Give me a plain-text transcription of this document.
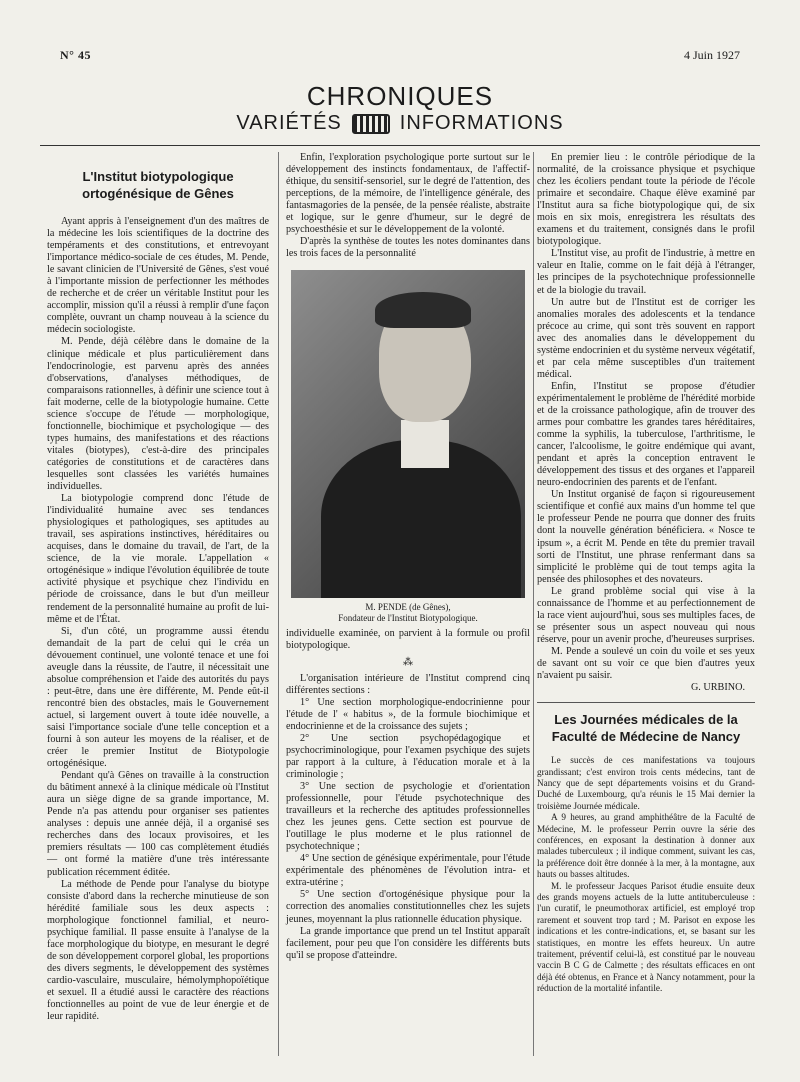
N° 45	4 Juin 1927
CHRONIQUES
VARIÉTÉS	INFORMATIONS
L'Institut biotypologique ortogénésique de Gênes

Ayant appris à l'enseignement d'un des maîtres de la médecine les lois scientifiques de la doctrine des tempéraments et des constitutions, et entrevoyant l'importance médico-sociale de ces études, M. Pende, le savant clinicien de l'Université de Gênes, s'est voué à l'importante mission de perfectionner les méthodes de recherche et de créer un véritable Institut pour les accomplir, mission qu'il a réussi à remplir d'une façon complète, ouvrant un champ nouveau à la science du médecin sociologiste.

M. Pende, déjà célèbre dans le domaine de la clinique médicale et plus particulièrement dans l'endocrinologie, est parvenu après des années d'observations, d'analyses méthodiques, de comparaisons rationnelles, à définir une science tout à fait moderne, celle de la biotypologie humaine. Cette science s'occupe de l'étude — morphologique, fonctionnelle, biochimique et psychologique — des types humains, des manifestations et des réactions vitales (biotypes), c'est-à-dire des principales catégories de constitutions et de caractères dans lesquelles sont classées les variétés humaines individuelles.

La biotypologie comprend donc l'étude de l'individualité humaine avec ses tendances physiologiques et pathologiques, ses aptitudes au travail, ses aspirations instinctives, héréditaires ou acquises, dans le domaine du travail, de l'art, de la science, de la vie morale. L'appellation « ortogénésique » indique l'évolution équilibrée de toute activité physique et psychique chez l'individu en période de croissance, dans le but d'un meilleur rendement de la personnalité humaine au profit de lui-même et de l'État.

Si, d'un côté, un programme aussi étendu demandait de la part de celui qui le créa un dévouement continuel, une volonté tenace et une foi aveugle dans la réussite, de l'autre, il nécessitait une absolue compréhension et l'aide des autorités du pays : peut-être, dans une ère différente, M. Pende eût-il rencontré bien des obstacles, mais le Gouvernement actuel, si largement ouvert à toute idée nouvelle, a saisi l'importance sociale d'une telle conception et a fourni à son auteur les moyens de la réaliser, et de créer le premier Institut de Biotypologie ortogénésique.

Pendant qu'à Gênes on travaille à la construction du bâtiment annexé à la clinique médicale où l'Institut aura un siège digne de sa grande importance, M. Pende n'a pas attendu pour organiser ses patientes analyses : depuis une année déjà, il a organisé ses recherches dans des locaux provisoires, et les premiers résultats — 100 cas complètement étudiés — ont formé la matière d'une très intéressante publication récemment éditée.

La méthode de Pende pour l'analyse du biotype consiste d'abord dans la recherche minutieuse de son hérédité familiale sous les deux aspects : morphologique fonctionnel familial, et neuro-psychique familial. Il passe ensuite à l'analyse de la face morphologique du biotype, en mesurant le degré de son développement corporel global, les proportions des divers segments, le développement des systèmes cardio-vasculaire, musculaire, hémolymphopoïétique et sexuel. Il a étudié aussi le caractère des réactions fonctionnelles au point de vue de leur énergie et de leur rapidité.

Enfin, l'exploration psychologique porte surtout sur le développement des instincts fondamentaux, de l'affectif-éthique, du sensitif-sensoriel, sur le degré de l'attention, des perceptions, de la mémoire, de l'intelligence générale, des fantasmagories de la pensée, de la pensée réaliste, abstraite et logique, sur le genre d'humeur, sur le degré de psychoesthésie et sur le développement de la volonté.

D'après la synthèse de toutes les notes dominantes dans les trois faces de la personnalité

M. PENDE (de Gênes),
Fondateur de l'Institut Biotypologique.

individuelle examinée, on parvient à la formule ou profil biotypologique.

⁂

L'organisation intérieure de l'Institut comprend cinq différentes sections :

1° Une section morphologique-endocrinienne pour l'étude de l' « habitus », de la formule biochimique et endocrinienne et de la croissance des sujets ;

2° Une section psychopédagogique et psychocriminologique, pour l'examen psychique des sujets par rapport à la culture, à l'éducation morale et à la criminologie ;

3° Une section de psychologie et d'orientation professionnelle, pour l'étude psychotechnique des travailleurs et la recherche des aptitudes professionnelles chez les jeunes gens. Cette section est pourvue de l'outillage le plus moderne et le plus rationnel de psychotechnique ;

4° Une section de génésique expérimentale, pour l'étude expérimentale des phénomènes de l'évolution intra- et extra-utérine ;

5° Une section d'ortogénésique physique pour la correction des anomalies constitutionnelles chez les sujets jeunes, moyennant la plus rationnelle éducation physique.

La grande importance que prend un tel Institut apparaît facilement, pour peu que l'on considère les différents buts qu'il se propose d'atteindre.

En premier lieu : le contrôle périodique de la normalité, de la croissance physique et psychique chez les écoliers pendant toute la période de l'école primaire et secondaire. Chaque élève examiné par l'Institut aura sa fiche biotypologique qui, de six mois en six mois, enregistrera les résultats des examens et du traitement, consignés dans le profil biotypologique.

L'Institut vise, au profit de l'industrie, à mettre en valeur en Italie, comme on le fait déjà à l'étranger, les principes de la psychotechnique professionnelle et de la biologie du travail.

Un autre but de l'Institut est de corriger les anomalies morales des adolescents et la tendance précoce au crime, qui sont très souvent en rapport avec des anomalies dans le développement du système endocrinien et du système nerveux végétatif, et par cela même susceptibles d'un traitement médical.

Enfin, l'Institut se propose d'étudier expérimentalement le problème de l'hérédité morbide et de la croissance pathologique, afin de trouver des armes pour combattre les grandes tares héréditaires, comme la syphilis, la tuberculose, l'arthritisme, le cancer, l'alcoolisme, le goitre endémique qui avant, pendant et après la conception entravent le développement des tissus et des organes et l'appareil neuro-endocrinien des parents et de l'enfant.

Un Institut organisé de façon si rigoureusement scientifique et confié aux mains d'un homme tel que le professeur Pende ne pourra que donner des fruits dont la nouvelle génération bénéficiera. « Nosce te ipsum », a écrit M. Pende en tête du premier travail sorti de l'Institut, une phrase renfermant dans sa simplicité le problème qui de tout temps agita la pensée des philosophes et des novateurs.

Le grand problème social qui vise à la connaissance de l'homme et au perfectionnement de la race vient aujourd'hui, sous ses multiples faces, de se présenter sous un aspect nouveau qui nous réserve, pour un avenir proche, d'heureuses surprises.

M. Pende a soulevé un coin du voile et ses yeux de savant ont su voir ce que bien d'autres yeux n'avaient pu saisir.

G. URBINO.
Les Journées médicales de la Faculté de Médecine de Nancy

Le succès de ces manifestations va toujours grandissant; c'est environ trois cents médecins, tant de Nancy que de sept départements voisins et du Grand-Duché de Luxembourg, qu'a réunis le 15 Mai dernier la troisième Journée médicale.

A 9 heures, au grand amphithéâtre de la Faculté de Médecine, M. le professeur Perrin ouvre la série des conférences, en exposant la destination à donner aux malades tuberculeux ; il indique comment, suivant les cas, la préférence doit être donnée à la mer, à la montagne, aux hauts ou basses altitudes.

M. le professeur Jacques Parisot étudie ensuite deux des grands moyens actuels de la lutte antituberculeuse : l'un curatif, le pneumothorax artificiel, est employé trop rarement et souvent trop tard ; M. Parisot en expose les indications et les contre-indications, et, se basant sur les statistiques, en montre les effets heureux. Un autre traitement, préventif celui-là, est constitué par le nouveau vaccin B C G de Calmette ; des résultats efficaces en ont déjà été obtenus, en France et à Nancy notamment, pour la réduction de la mortalité infantile.
